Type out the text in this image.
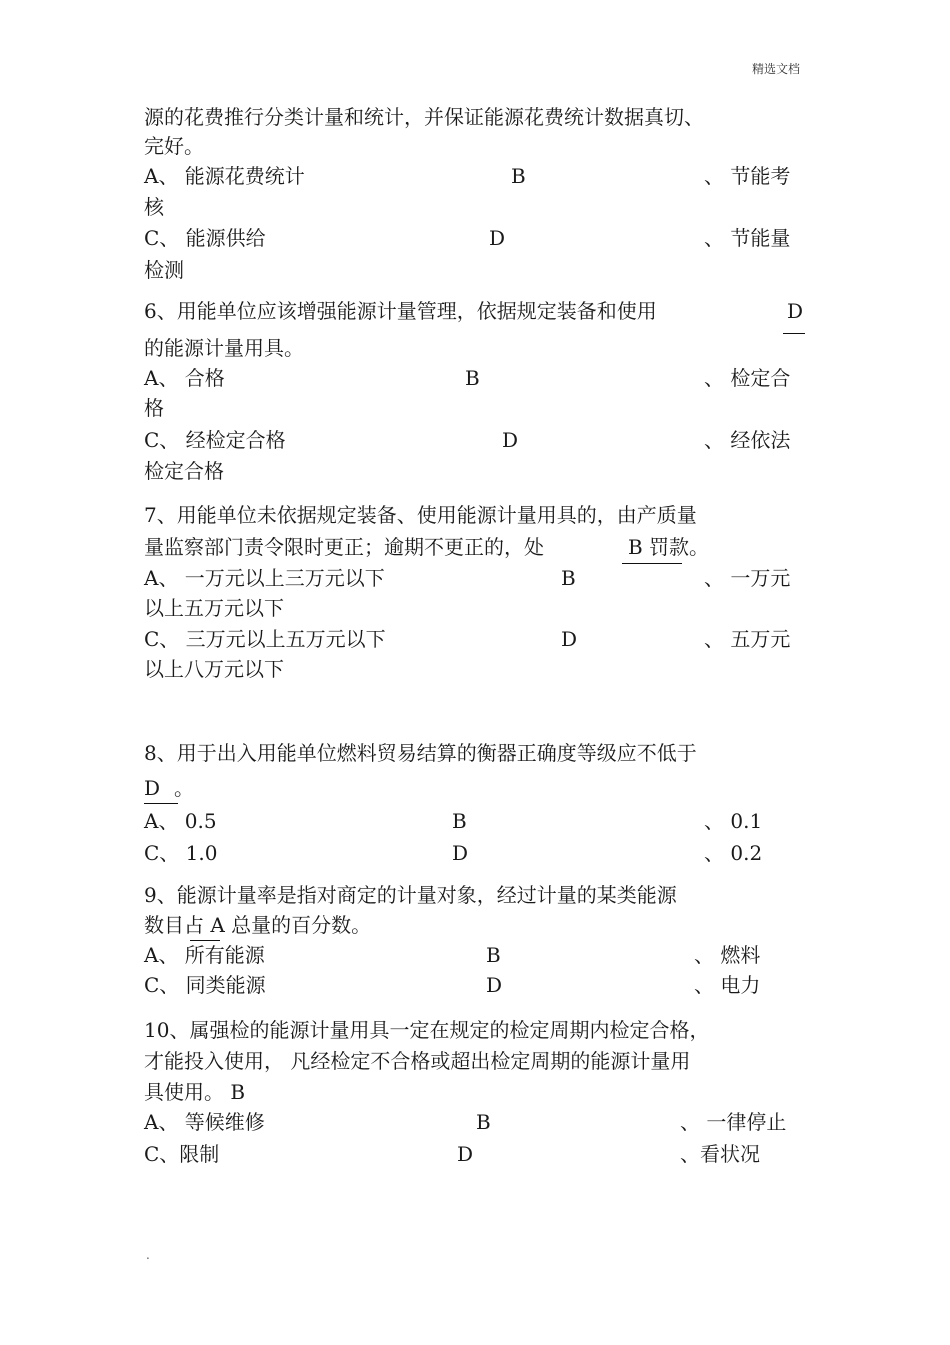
精选文档
源的花费推行分类计量和统计，并保证能源花费统计数据真切、
完好。
A、 能源花费统计	B	、 节能考
核
C、 能源供给	D	、 节能量
检测
6、用能单位应该增强能源计量管理，依据规定装备和使用	D
的能源计量用具。
A、 合格	B	、 检定合
格
C、 经检定合格	D	、 经依法
检定合格
7、用能单位未依据规定装备、使用能源计量用具的，由产质量
量监察部门责令限时更正；逾期不更正的，处	B 罚款。
A、 一万元以上三万元以下	B	、 一万元
以上五万元以下
C、 三万元以上五万元以下	D	、 五万元
以上八万元以下
8、用于出入用能单位燃料贸易结算的衡器正确度等级应不低于
D 。
A、 0.5	B	、 0.1
C、 1.0	D	、 0.2
9、能源计量率是指对商定的计量对象，经过计量的某类能源
数目占 A 总量的百分数。
A、 所有能源	B	、 燃料
C、 同类能源	D	、 电力
10、属强检的能源计量用具一定在规定的检定周期内检定合格，
才能投入使用， 凡经检定不合格或超出检定周期的能源计量用
具使用。 B
A、 等候维修	B	、 一律停止
C、限制	D	、看状况
.
